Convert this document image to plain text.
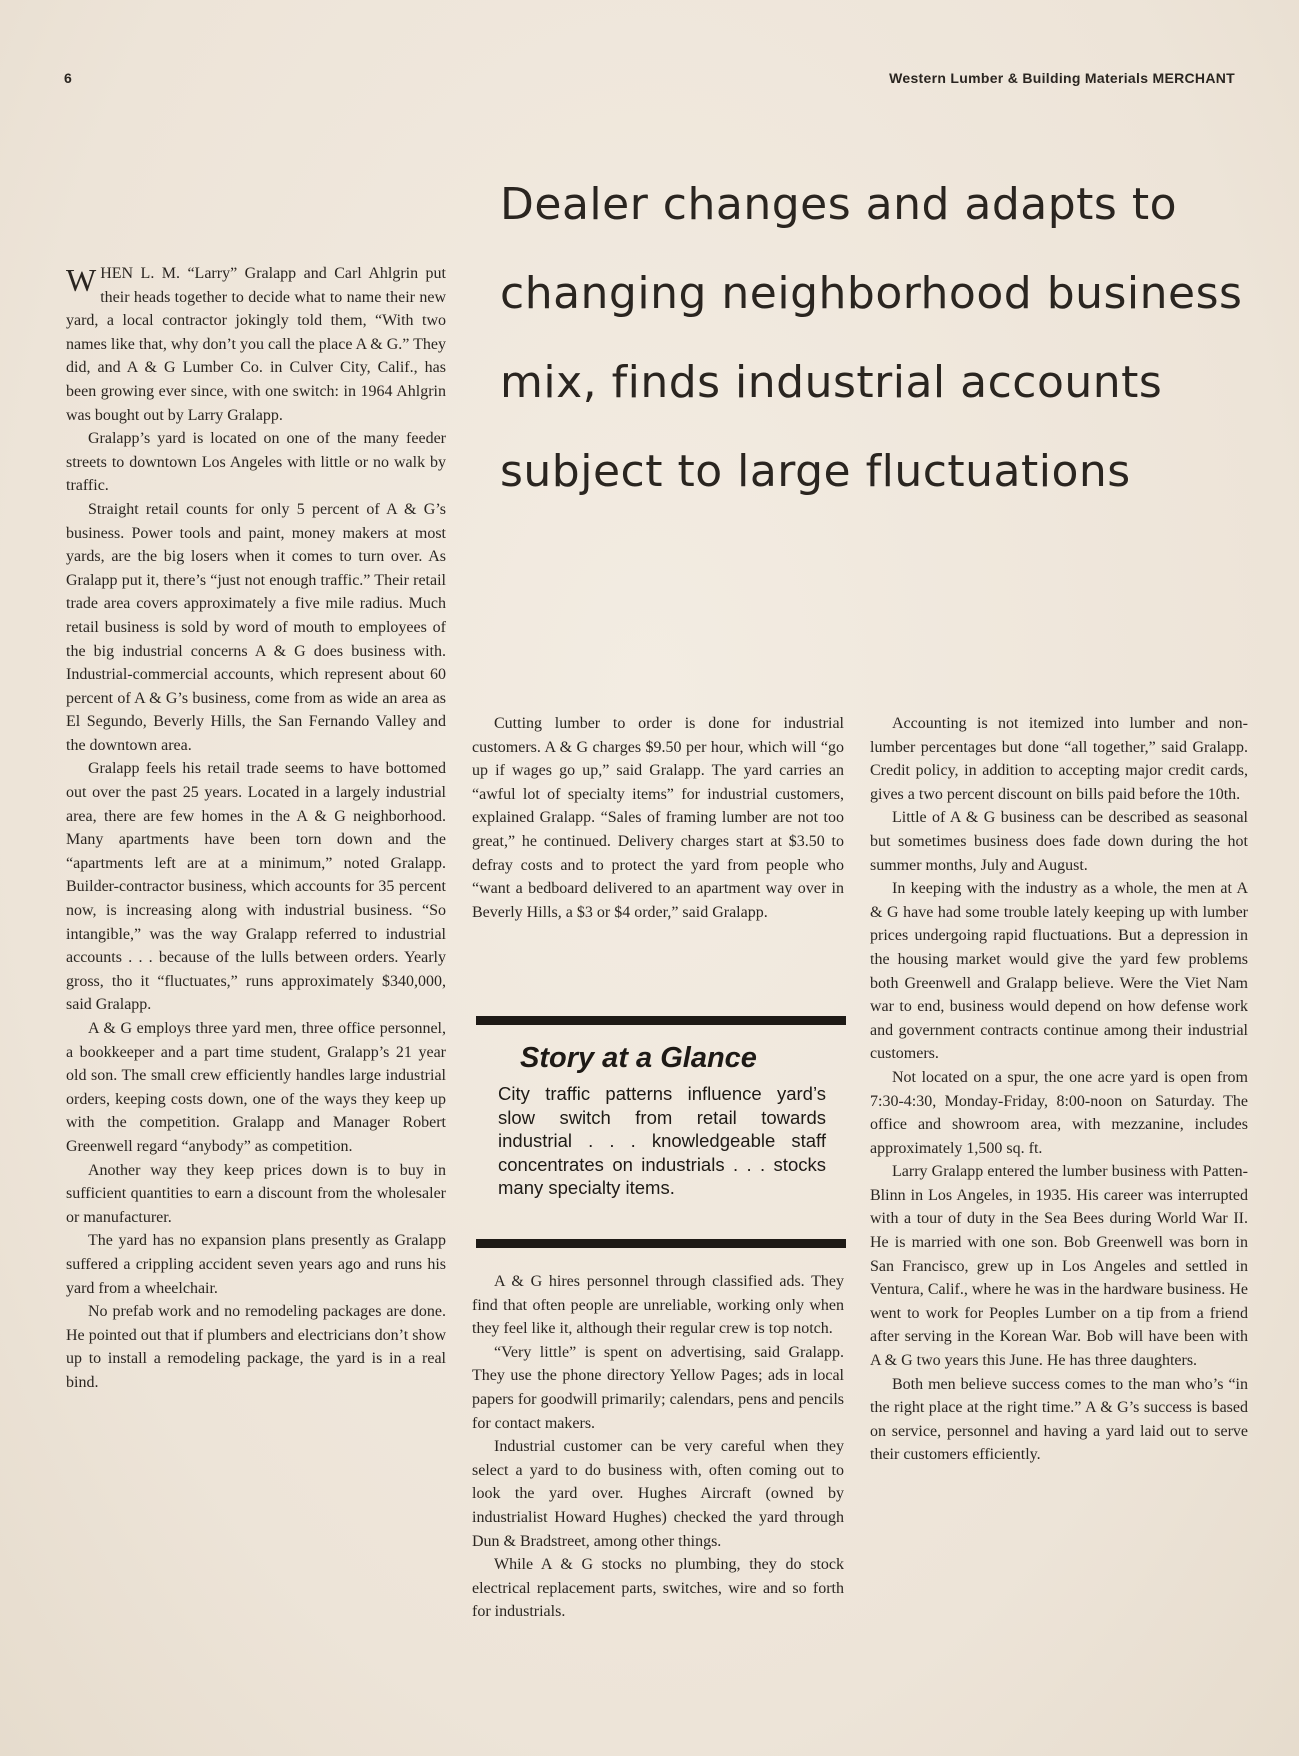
6	Western Lumber & Building Materials MERCHANT
Dealer changes and adapts to
changing neighborhood business
mix, finds industrial accounts
subject to large fluctuations

WHEN L. M. “Larry” Gralapp and Carl Ahlgrin put their heads together to decide what to name their new yard, a local contractor jokingly told them, “With two names like that, why don’t you call the place A & G.” They did, and A & G Lumber Co. in Culver City, Calif., has been growing ever since, with one switch: in 1964 Ahlgrin was bought out by Larry Gralapp.

Gralapp’s yard is located on one of the many feeder streets to downtown Los Angeles with little or no walk by traffic.

Straight retail counts for only 5 percent of A & G’s business. Power tools and paint, money makers at most yards, are the big losers when it comes to turn over. As Gralapp put it, there’s “just not enough traffic.” Their retail trade area covers approximately a five mile radius. Much retail business is sold by word of mouth to employees of the big industrial concerns A & G does business with. Industrial-commercial accounts, which represent about 60 percent of A & G’s business, come from as wide an area as El Segundo, Beverly Hills, the San Fernando Valley and the downtown area.

Gralapp feels his retail trade seems to have bottomed out over the past 25 years. Located in a largely industrial area, there are few homes in the A & G neighborhood. Many apartments have been torn down and the “apartments left are at a minimum,” noted Gralapp. Builder-contractor business, which accounts for 35 percent now, is increasing along with industrial business. “So intangible,” was the way Gralapp referred to industrial accounts . . . because of the lulls between orders. Yearly gross, tho it “fluctuates,” runs approximately $340,000, said Gralapp.

A & G employs three yard men, three office personnel, a bookkeeper and a part time student, Gralapp’s 21 year old son. The small crew efficiently handles large industrial orders, keeping costs down, one of the ways they keep up with the competition. Gralapp and Manager Robert Greenwell regard “anybody” as competition.

Another way they keep prices down is to buy in sufficient quantities to earn a discount from the wholesaler or manufacturer.

The yard has no expansion plans presently as Gralapp suffered a crippling accident seven years ago and runs his yard from a wheelchair.

No prefab work and no remodeling packages are done. He pointed out that if plumbers and electricians don’t show up to install a remodeling package, the yard is in a real bind.

Cutting lumber to order is done for industrial customers. A & G charges $9.50 per hour, which will “go up if wages go up,” said Gralapp. The yard carries an “awful lot of specialty items” for industrial customers, explained Gralapp. “Sales of framing lumber are not too great,” he continued. Delivery charges start at $3.50 to defray costs and to protect the yard from people who “want a bedboard delivered to an apartment way over in Beverly Hills, a $3 or $4 order,” said Gralapp.

Story at a Glance
City traffic patterns influence yard’s slow switch from retail towards industrial . . . knowledgeable staff concentrates on industrials . . . stocks many specialty items.

A & G hires personnel through classified ads. They find that often people are unreliable, working only when they feel like it, although their regular crew is top notch.

“Very little” is spent on advertising, said Gralapp. They use the phone directory Yellow Pages; ads in local papers for goodwill primarily; calendars, pens and pencils for contact makers.

Industrial customer can be very careful when they select a yard to do business with, often coming out to look the yard over. Hughes Aircraft (owned by industrialist Howard Hughes) checked the yard through Dun & Bradstreet, among other things.

While A & G stocks no plumbing, they do stock electrical replacement parts, switches, wire and so forth for industrials.

Accounting is not itemized into lumber and non-lumber percentages but done “all together,” said Gralapp. Credit policy, in addition to accepting major credit cards, gives a two percent discount on bills paid before the 10th.

Little of A & G business can be described as seasonal but sometimes business does fade down during the hot summer months, July and August.

In keeping with the industry as a whole, the men at A & G have had some trouble lately keeping up with lumber prices undergoing rapid fluctuations. But a depression in the housing market would give the yard few problems both Greenwell and Gralapp believe. Were the Viet Nam war to end, business would depend on how defense work and government contracts continue among their industrial customers.

Not located on a spur, the one acre yard is open from 7:30-4:30, Monday-Friday, 8:00-noon on Saturday. The office and showroom area, with mezzanine, includes approximately 1,500 sq. ft.

Larry Gralapp entered the lumber business with Patten-Blinn in Los Angeles, in 1935. His career was interrupted with a tour of duty in the Sea Bees during World War II. He is married with one son. Bob Greenwell was born in San Francisco, grew up in Los Angeles and settled in Ventura, Calif., where he was in the hardware business. He went to work for Peoples Lumber on a tip from a friend after serving in the Korean War. Bob will have been with A & G two years this June. He has three daughters.

Both men believe success comes to the man who’s “in the right place at the right time.” A & G’s success is based on service, personnel and having a yard laid out to serve their customers efficiently.
